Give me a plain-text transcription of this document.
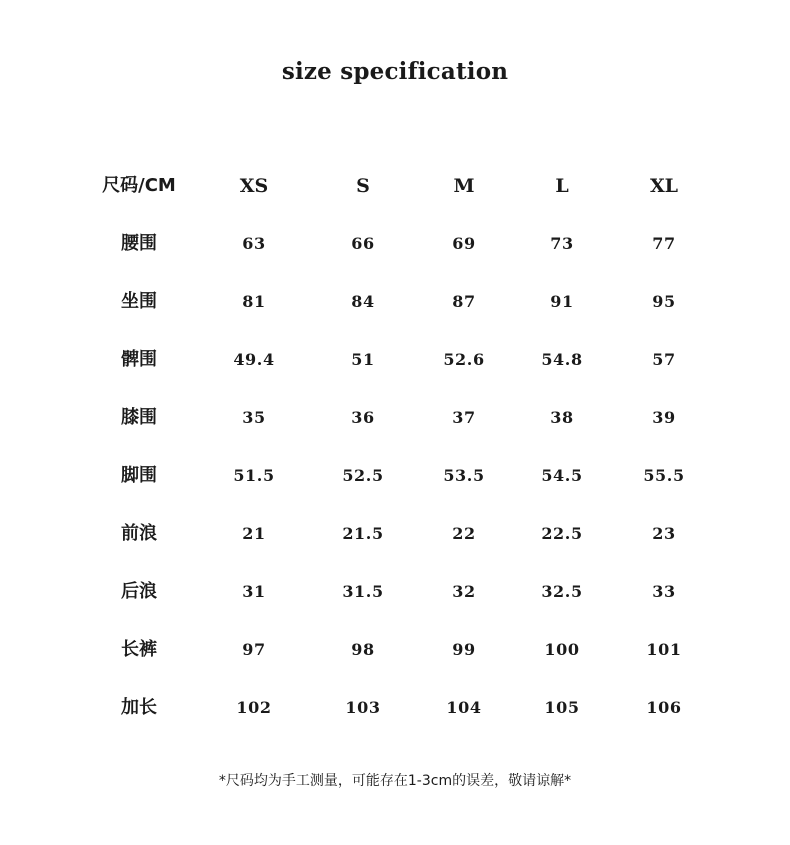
size specification
尺码/CM	XS	S	M	L	XL
腰围	63	66	69	73	77
坐围	81	84	87	91	95
髀围	49.4	51	52.6	54.8	57
膝围	35	36	37	38	39
脚围	51.5	52.5	53.5	54.5	55.5
前浪	21	21.5	22	22.5	23
后浪	31	31.5	32	32.5	33
长裤	97	98	99	100	101
加长	102	103	104	105	106
*尺码均为手工测量，可能存在1-3cm的误差，敬请谅解*
